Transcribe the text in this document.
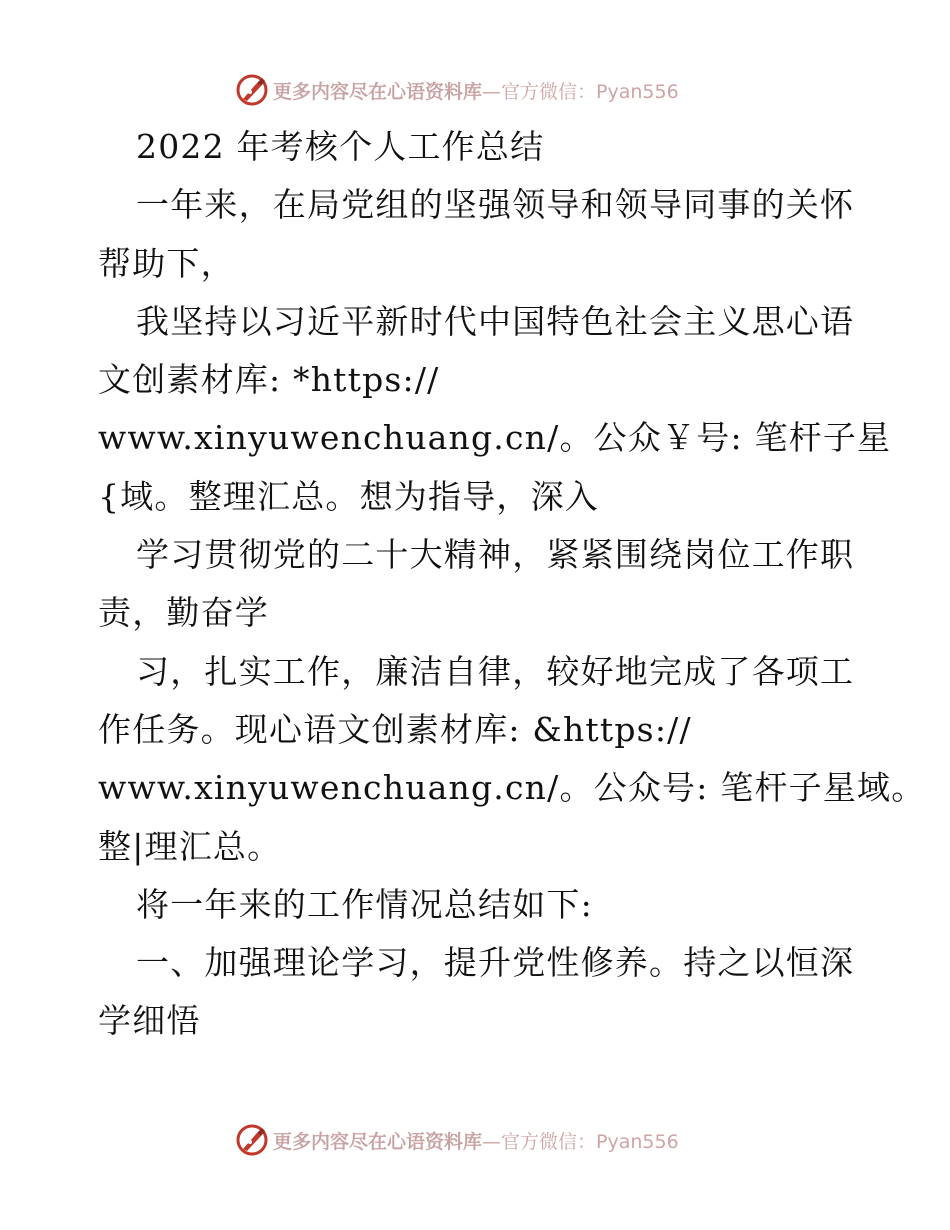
更多内容尽在心语资料库 —官方微信：Pyan556
2022 年考核个人工作总结
一年来，在局党组的坚强领导和领导同事的关怀
帮助下，
我坚持以习近平新时代中国特色社会主义思心语
文创素材库: *https://
www.xinyuwenchuang.cn/。公众￥号: 笔杆子星
{域。整理汇总。想为指导，深入
学习贯彻党的二十大精神，紧紧围绕岗位工作职
责，勤奋学
习，扎实工作，廉洁自律，较好地完成了各项工
作任务。现心语文创素材库: &https://
www.xinyuwenchuang.cn/。公众号: 笔杆子星域。
整|理汇总。
将一年来的工作情况总结如下:
一、加强理论学习，提升党性修养。持之以恒深
学细悟
更多内容尽在心语资料库 —官方微信：Pyan556
